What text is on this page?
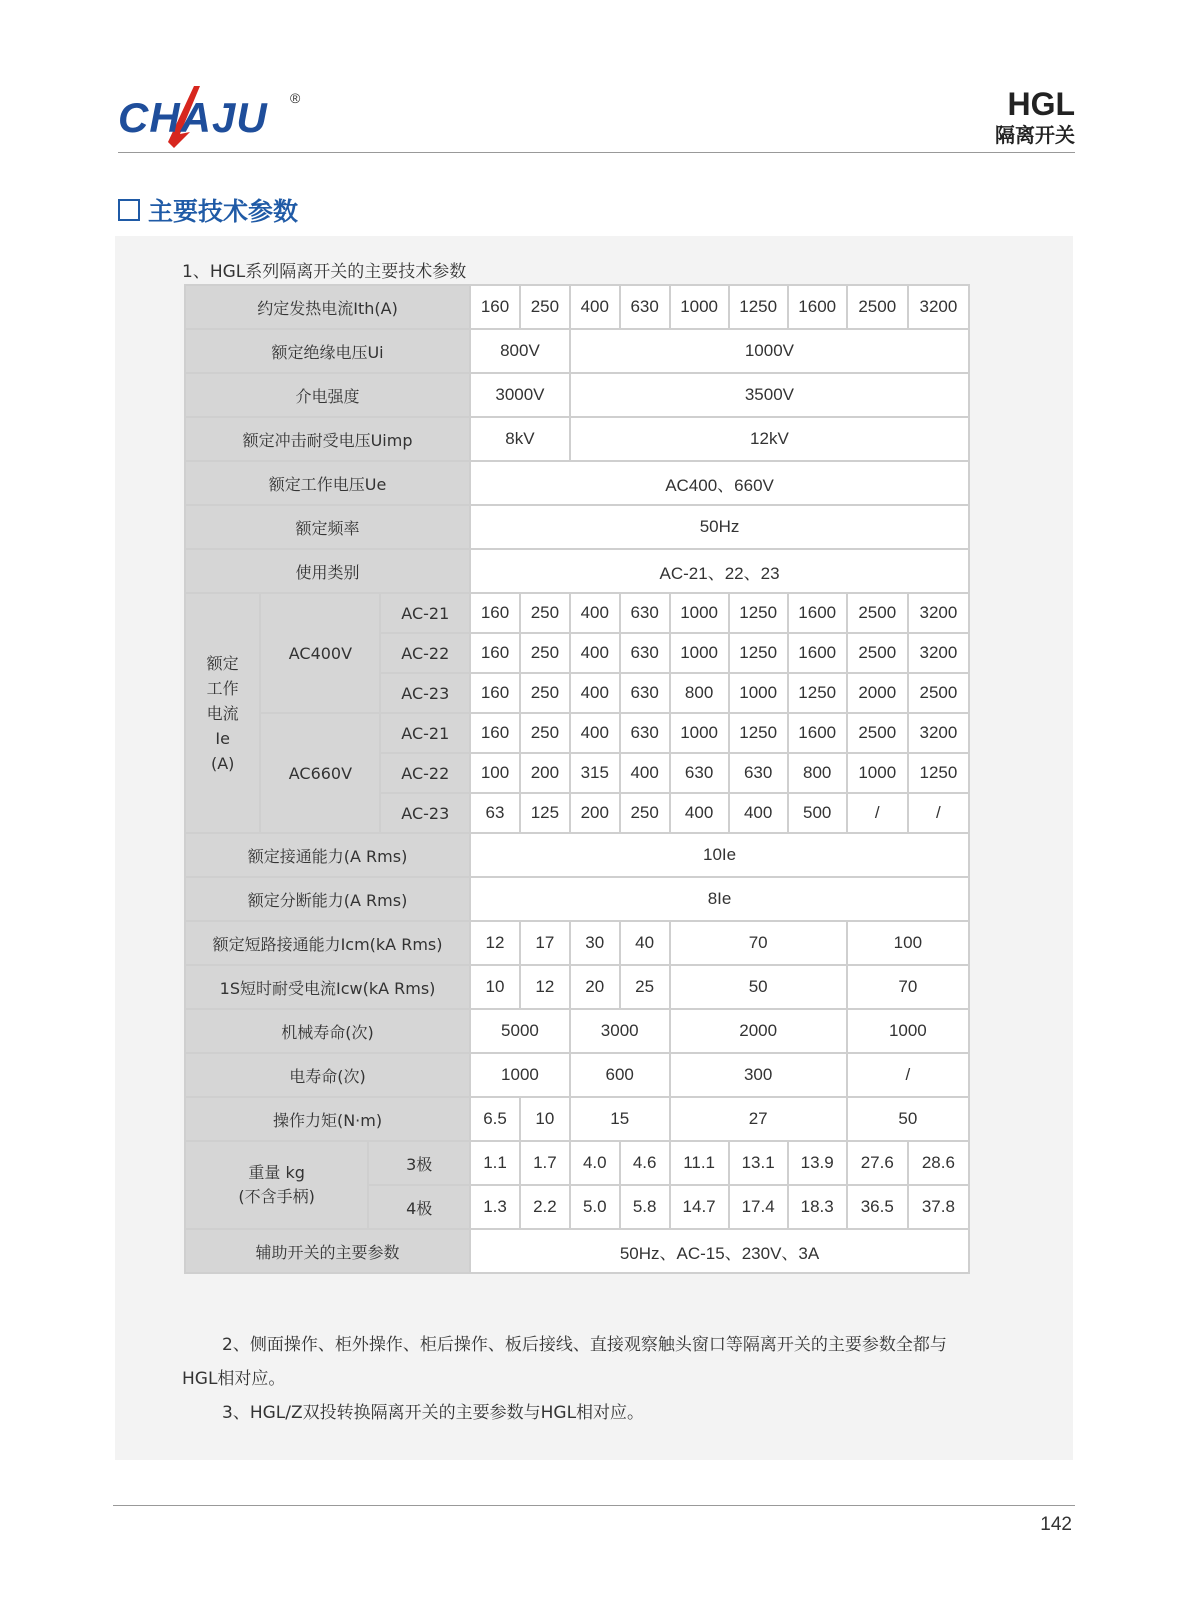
CHAJU ®	HGL
隔离开关
主要技术参数
1、HGL系列隔离开关的主要技术参数
约定发热电流Ith(A)				160	250	400	630	1000	1250	1600	2500	3200
额定绝缘电压Ui				800V		1000V						
介电强度				3000V		3500V						
额定冲击耐受电压Uimp				8kV		12kV						
额定工作电压Ue				AC400、660V								
额定频率				50Hz								
使用类别				AC-21、22、23								

额定
工作
电流
Ie
(A)	AC400V		AC-21	160	250	400	630	1000	1250	1600	2500	3200
			AC-22	160	250	400	630	1000	1250	1600	2500	3200
			AC-23	160	250	400	630	800	1000	1250	2000	2500
	AC660V		AC-21	160	250	400	630	1000	1250	1600	2500	3200
			AC-22	100	200	315	400	630	630	800	1000	1250
			AC-23	63	125	200	250	400	400	500	/	/
额定接通能力(A Rms)				10Ie								
额定分断能力(A Rms)				8Ie								
额定短路接通能力Icm(kA Rms)				12	17	30	40	70			100	
1S短时耐受电流Icw(kA Rms)				10	12	20	25	50			70	
机械寿命(次)				5000		3000		2000			1000	
电寿命(次)				1000		600		300			/	
操作力矩(N·m)				6.5	10	15		27			50	

重量 kg
(不含手柄)		3极		1.1	1.7	4.0	4.6	11.1	13.1	13.9	27.6	28.6
		4极		1.3	2.2	5.0	5.8	14.7	17.4	18.3	36.5	37.8
辅助开关的主要参数				50Hz、AC-15、230V、3A								

2、侧面操作、柜外操作、柜后操作、板后接线、直接观察触头窗口等隔离开关的主要参数全都与HGL相对应。

3、HGL/Z双投转换隔离开关的主要参数与HGL相对应。

142
